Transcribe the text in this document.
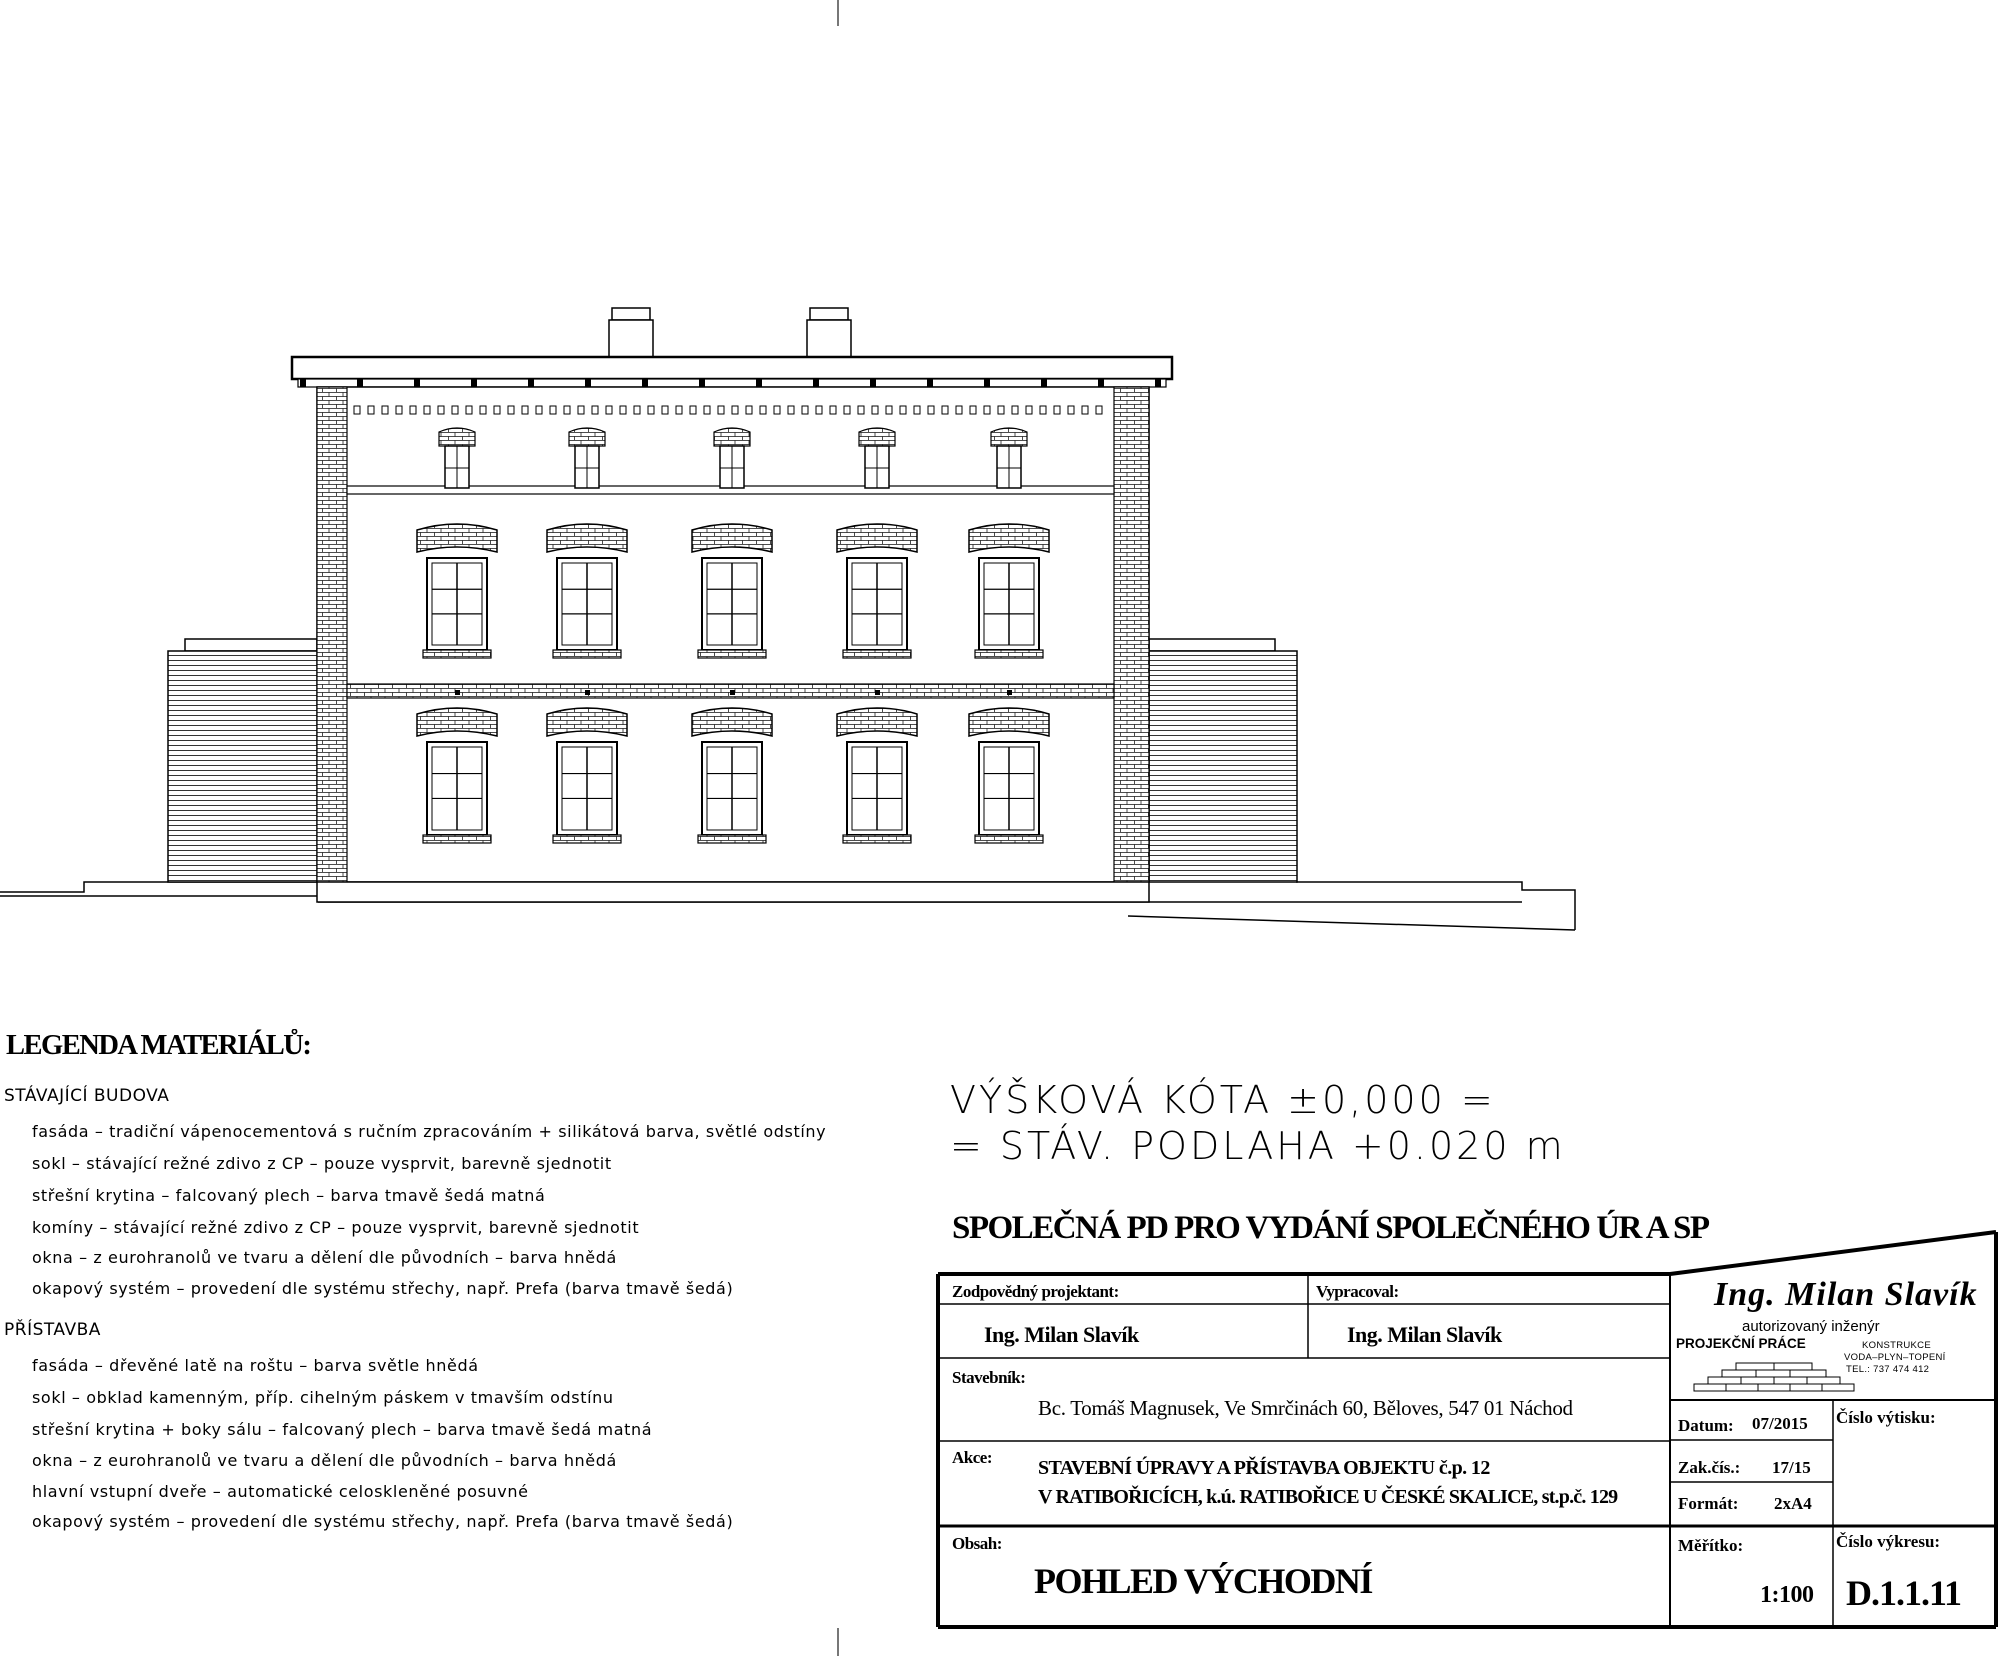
LEGENDA MATERIÁLŮ:
STÁVAJÍCÍ BUDOVA
fasáda – tradiční vápenocementová s ručním zpracováním + silikátová barva, světlé odstíny
sokl – stávající režné zdivo z CP – pouze vysprvit, barevně sjednotit
střešní krytina – falcovaný plech – barva tmavě šedá matná
komíny – stávající režné zdivo z CP – pouze vysprvit, barevně sjednotit
okna – z eurohranolů ve tvaru a dělení dle původních – barva hnědá
okapový systém – provedení dle systému střechy, např. Prefa (barva tmavě šedá)
PŘÍSTAVBA
fasáda – dřevěné latě na roštu – barva světle hnědá
sokl – obklad kamenným, příp. cihelným páskem v tmavším odstínu
střešní krytina + boky sálu – falcovaný plech – barva tmavě šedá matná
okna – z eurohranolů ve tvaru a dělení dle původních – barva hnědá
hlavní vstupní dveře – automatické celoskleněné posuvné
okapový systém – provedení dle systému střechy, např. Prefa (barva tmavě šedá)
VÝŠKOVÁ KÓTA ±0,000 =
= STÁV. PODLAHA +0.020 m
SPOLEČNÁ PD PRO VYDÁNÍ SPOLEČNÉHO ÚR A SP
Zodpovědný projektant:
Ing. Milan Slavík
Vypracoval:
Ing. Milan Slavík
Stavebník:
Bc. Tomáš Magnusek, Ve Smrčinách 60, Běloves, 547 01 Náchod
Akce: STAVEBNÍ ÚPRAVY A PŘÍSTAVBA OBJEKTU č.p. 12
V RATIBOŘICÍCH, k.ú. RATIBOŘICE U ČESKÉ SKALICE, st.p.č. 129
Obsah:
POHLED VÝCHODNÍ
Datum: 07/2015
Zak.čís.: 17/15
Formát: 2xA4
Měřítko:
1:100
Číslo výtisku:
Číslo výkresu:
D.1.1.11
Ing. Milan Slavík
autorizovaný inženýr
PROJEKČNÍ PRÁCE	KONSTRUKCE
VODA–PLYN–TOPENÍ
TEL.: 737 474 412
